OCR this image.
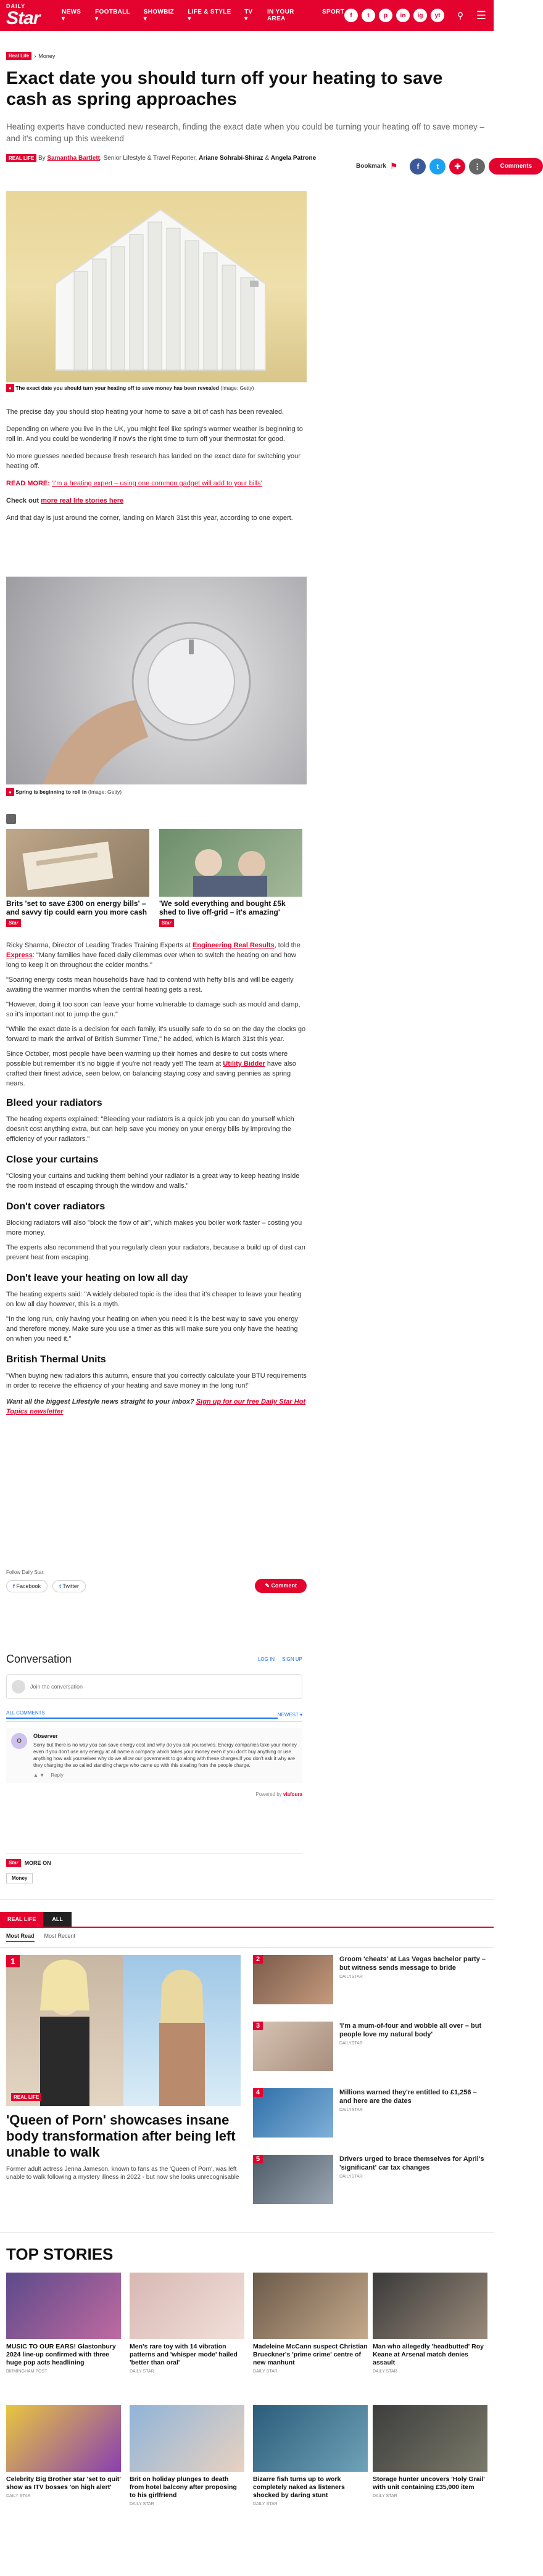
DAILY
Star	NEWS ▾
FOOTBALL ▾
SHOWBIZ ▾
LIFE & STYLE ▾
TV ▾
IN YOUR AREA
SPORT f	t	p	in	ig	yt	⚲ ☰
Real Life › Money
Exact date you should turn off your heating to save cash as spring approaches

Heating experts have conducted new research, finding the exact date when you could be turning your heating off to save money – and it's coming up this weekend

REAL LIFE By Samantha Bartlett, Senior Lifestyle & Travel Reporter, Ariane Sohrabi-Shiraz & Angela Patrone
Bookmark ⚑	f	t	✚	⋮	Comments
● The exact date you should turn your heating off to save money has been revealed (Image: Getty)

The precise day you should stop heating your home to save a bit of cash has been revealed.

Depending on where you live in the UK, you might feel like spring's warmer weather is beginning to roll in. And you could be wondering if now's the right time to turn off your thermostat for good.

No more guesses needed because fresh research has landed on the exact date for switching your heating off.

READ MORE: 'I'm a heating expert – using one common gadget will add to your bills'

Check out more real life stories here

And that day is just around the corner, landing on March 31st this year, according to one expert.

● Spring is beginning to roll in (Image: Getty)
Brits 'set to save £300 on energy bills' – and savvy tip could earn you more cash
Star
'We sold everything and bought £5k shed to live off-grid – it's amazing'
Star

Ricky Sharma, Director of Leading Trades Training Experts at Engineering Real Results, told the Express: "Many families have faced daily dilemmas over when to switch the heating on and how long to keep it on throughout the colder months."

"Soaring energy costs mean households have had to contend with hefty bills and will be eagerly awaiting the warmer months when the central heating gets a rest.

"However, doing it too soon can leave your home vulnerable to damage such as mould and damp, so it's important not to jump the gun."

"While the exact date is a decision for each family, it's usually safe to do so on the day the clocks go forward to mark the arrival of British Summer Time," he added, which is March 31st this year.

Since October, most people have been warming up their homes and desire to cut costs where possible but remember it's no biggie if you're not ready yet! The team at Utility Bidder have also crafted their finest advice, seen below, on balancing staying cosy and saving pennies as spring nears.

Bleed your radiators

The heating experts explained: "Bleeding your radiators is a quick job you can do yourself which doesn't cost anything extra, but can help save you money on your energy bills by improving the efficiency of your radiators."

Close your curtains

"Closing your curtains and tucking them behind your radiator is a great way to keep heating inside the room instead of escaping through the window and walls."

Don't cover radiators

Blocking radiators will also "block the flow of air", which makes you boiler work faster – costing you more money.

The experts also recommend that you regularly clean your radiators, because a build up of dust can prevent heat from escaping.

Don't leave your heating on low all day

The heating experts said: "A widely debated topic is the idea that it's cheaper to leave your heating on low all day however, this is a myth.

"In the long run, only having your heating on when you need it is the best way to save you energy and therefore money. Make sure you use a timer as this will make sure you only have the heating on when you need it."

British Thermal Units

"When buying new radiators this autumn, ensure that you correctly calculate your BTU requirements in order to receive the efficiency of your heating and save money in the long run!"

Want all the biggest Lifestyle news straight to your inbox? Sign up for our free Daily Star Hot Topics newsletter

Follow Daily Star:
f Facebook	t Twitter	✎ Comment
Conversation	LOG IN SIGN UP
Join the conversation
ALL COMMENTS	NEWEST ▾
O
Observer
Sorry but there is no way you can save energy cost and why do you ask yourselves. Energy companies take your money even if you don't use any energy at all name a company which takes your money even if you don't buy anything or use anything how ask yourselves why do we allow our government to go along with these charges.If you don't ask it why are they charging the so called standing charge who came up with this stealing from the people charge.
▲ ▼ Reply
Powered by viafoura
Star	MORE ON
Money
REAL LIFE	ALL
Most Read Most Recent
1
REAL LIFE
'Queen of Porn' showcases insane body transformation after being left unable to walk
Former adult actress Jenna Jameson, known to fans as the 'Queen of Porn', was left unable to walk following a mystery illness in 2022 - but now she looks unrecognisable
2	Groom 'cheats' at Las Vegas bachelor party – but witness sends message to bride
DAILYSTAR
3	'I'm a mum-of-four and wobble all over – but people love my natural body'
DAILYSTAR
4	Millions warned they're entitled to £1,256 – and here are the dates
DAILYSTAR
5	Drivers urged to brace themselves for April's 'significant' car tax changes
DAILYSTAR
TOP STORIES
MUSIC TO OUR EARS! Glastonbury 2024 line-up confirmed with three huge pop acts headlining
BIRMINGHAM POST
Men's rare toy with 14 vibration patterns and 'whisper mode' hailed 'better than oral'
DAILY STAR
Madeleine McCann suspect Christian Brueckner's 'prime crime' centre of new manhunt
DAILY STAR
Man who allegedly 'headbutted' Roy Keane at Arsenal match denies assault
DAILY STAR
Celebrity Big Brother star 'set to quit' show as ITV bosses 'on high alert'
DAILY STAR
Brit on holiday plunges to death from hotel balcony after proposing to his girlfriend
DAILY STAR
Bizarre fish turns up to work completely naked as listeners shocked by daring stunt
DAILY STAR
Storage hunter uncovers 'Holy Grail' with unit containing £35,000 item
DAILY STAR
